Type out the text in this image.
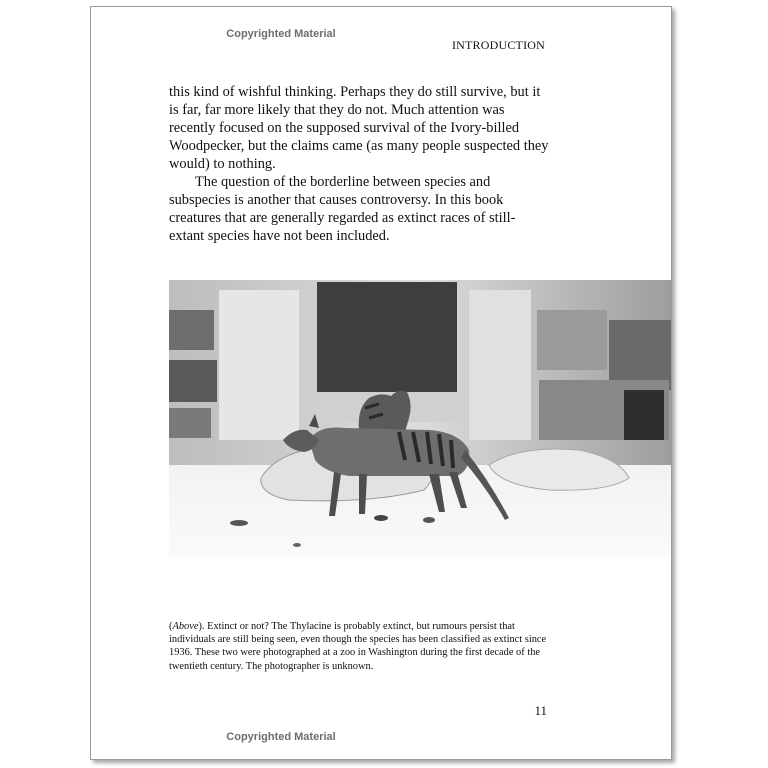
Copyrighted Material
INTRODUCTION

this kind of wishful thinking. Perhaps they do still survive, but it is far, far more likely that they do not. Much attention was recently focused on the supposed survival of the Ivory-billed Woodpecker, but the claims came (as many people suspected they would) to nothing.

The question of the borderline between species and subspecies is another that causes controversy. In this book creatures that are generally regarded as extinct races of still-extant species have not been included.

(Above). Extinct or not? The Thylacine is probably extinct, but rumours persist that individuals are still being seen, even though the species has been classified as extinct since 1936. These two were photographed at a zoo in Washington during the first decade of the twentieth century. The photographer is unknown.
11
Copyrighted Material
